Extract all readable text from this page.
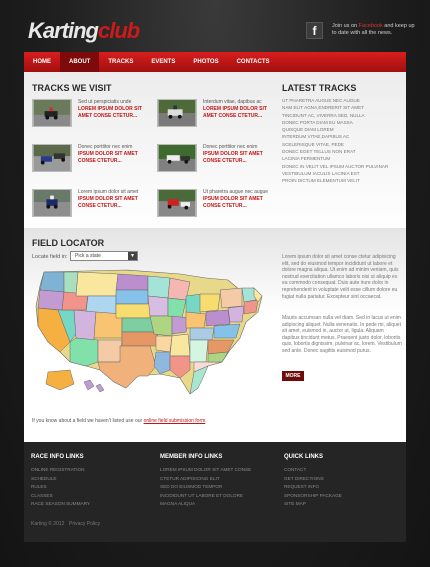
Kartingclub	f	Join us on Facebook and keep up to date with all the news.
HOME	ABOUT	TRACKS	EVENTS	PHOTOS	CONTACTS
TRACKS WE VISIT
Sed ut perspiciatis unde
LOREM IPSUM DOLOR SIT AMET CONSE CTETUR...
Interdum vitae, dapibus ac
LOREM IPSUM DOLOR SIT AMET CONSE CTETUR...
Donec porttitor nec enim
IPSUM DOLOR SIT AMET CONSE CTETUR...
Donec porttitor nec enim
IPSUM DOLOR SIT AMET CONSE CTETUR...
Lorem ipsum dolor sit amet
IPSUM DOLOR SIT AMET CONSE CTETUR...
Ut pharetra augue nec augue
IPSUM DOLOR SIT AMET CONSE CTETUR...
LATEST TRACKS
UT PHARETRA AUGUE NEC AUGUE
NAM ELIT AGNA,ENDRERIT SIT AMET
TINCIDUNT AC, VIVERRA SED, NULLA
DONEC PORTA DIAM EU MASSA
QUISQUE DIAM LOREM
INTERDUM VITAE,DAPIBUS AC
SCELERISQUE VITAE, PEDE
DONEC EGET TELLUS NON ERAT
LACINIA FERMENTUM
DONEC IN VELIT VEL IPSUM AUCTOR PULVINAR
VESTIBULUM IACULIS LACINIA EST
PROIN DICTUM ELEMENTUM VELIT
FIELD LOCATOR
Locate field in:	Pick a state	▼
If you know about a field we haven't listed use our online field submission form.
Lorem ipsum dolor sit amet conse ctetur adipisicing elit, sed do eiusmod tempor incididunt ut labore et dolore magna aliqua. Ut enim ad minim veniam, quis nostrud exercitation ullamco laboris nisi ut aliquip ex ea commodo consequat. Duis aute irure dolor in reprehenderit in voluptate velit esse cillum dolore eu fugiat nulla pariatur. Excepteur sint occaecat.
Mauris accumsan nulla vel diam. Sed in lacus ut enim adipiscing aliquet. Nulla venenatis. In pede mi, aliquet sit amet, euismod in, auctor ut, ligula. Aliquam dapibus tincidunt metus. Praesent justo dolor, lobortis quis, lobortis dignissim, pulvinar ac, lorem. Vestibulum sed ante. Donec sagittis euismod purus.
MORE
RACE INFO LINKS
ONLINE REGISTRATION
SCHEDULE
RULES
CLASSES
RACE SEASON SUMMARY
MEMBER INFO LINKS
LOREM IPSUM DOLOR SIT AMET CONSE
CTETUR ADIPISICING ELIT
SED DO EIUSMOD TEMPOR
INCIDIDUNT UT LABORE ET DOLORE
MAGNA ALIQUA
QUICK LINKS
CONTACT
GET DIRECTIONS
REQUEST INFO
SPONSORSHIP PACKAGE
SITE MAP
Karting © 2012 Privacy Policy
